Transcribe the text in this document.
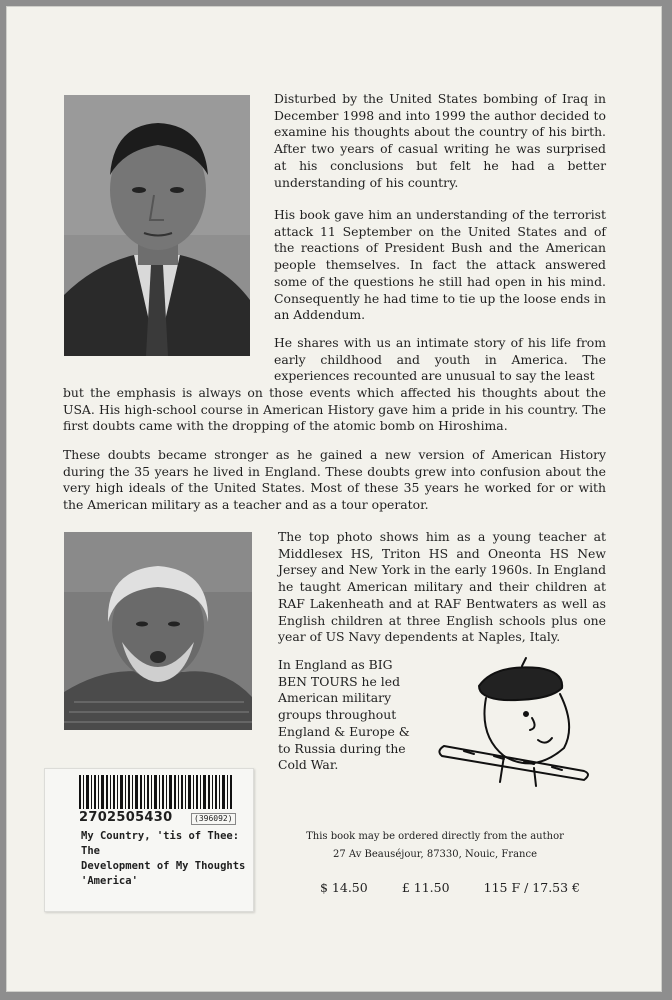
Disturbed by the United States bombing of Iraq in December 1998 and into 1999 the author decided to examine his thoughts about the country of his birth. After two years of casual writing he was surprised at his conclusions but felt he had a better understanding of his country.

His book gave him an understanding of the terrorist attack 11 September on the United States and of the reactions of President Bush and the American people themselves. In fact the attack answered some of the questions he still had open in his mind. Consequently he had time to tie up the loose ends in an Addendum.

He shares with us an intimate story of his life from early childhood and youth in America. The experiences recounted are unusual to say the least

but the emphasis is always on those events which affected his thoughts about the USA. His high-school course in American History gave him a pride in his country. The first doubts came with the dropping of the atomic bomb on Hiroshima.

These doubts became stronger as he gained a new version of American History during the 35 years he lived in England. These doubts grew into confusion about the very high ideals of the United States. Most of these 35 years he worked for or with the American military as a teacher and as a tour operator.

The top photo shows him as a young teacher at Middlesex HS, Triton HS and Oneonta HS New Jersey and New York in the early 1960s. In England he taught American military and their children at RAF Lakenheath and at RAF Bentwaters as well as English children at three English schools plus one year of US Navy dependents at Naples, Italy.

In England as BIG BEN TOURS he led American military groups throughout England & Europe & to Russia during the Cold War.

This book may be ordered directly from the author
27 Av Beauséjour, 87330, Nouic, France
$ 14.50	£ 11.50	115 F / 17.53 €
2702505430	(396092)
My Country, 'tis of Thee: The
Development of My Thoughts
'America'
